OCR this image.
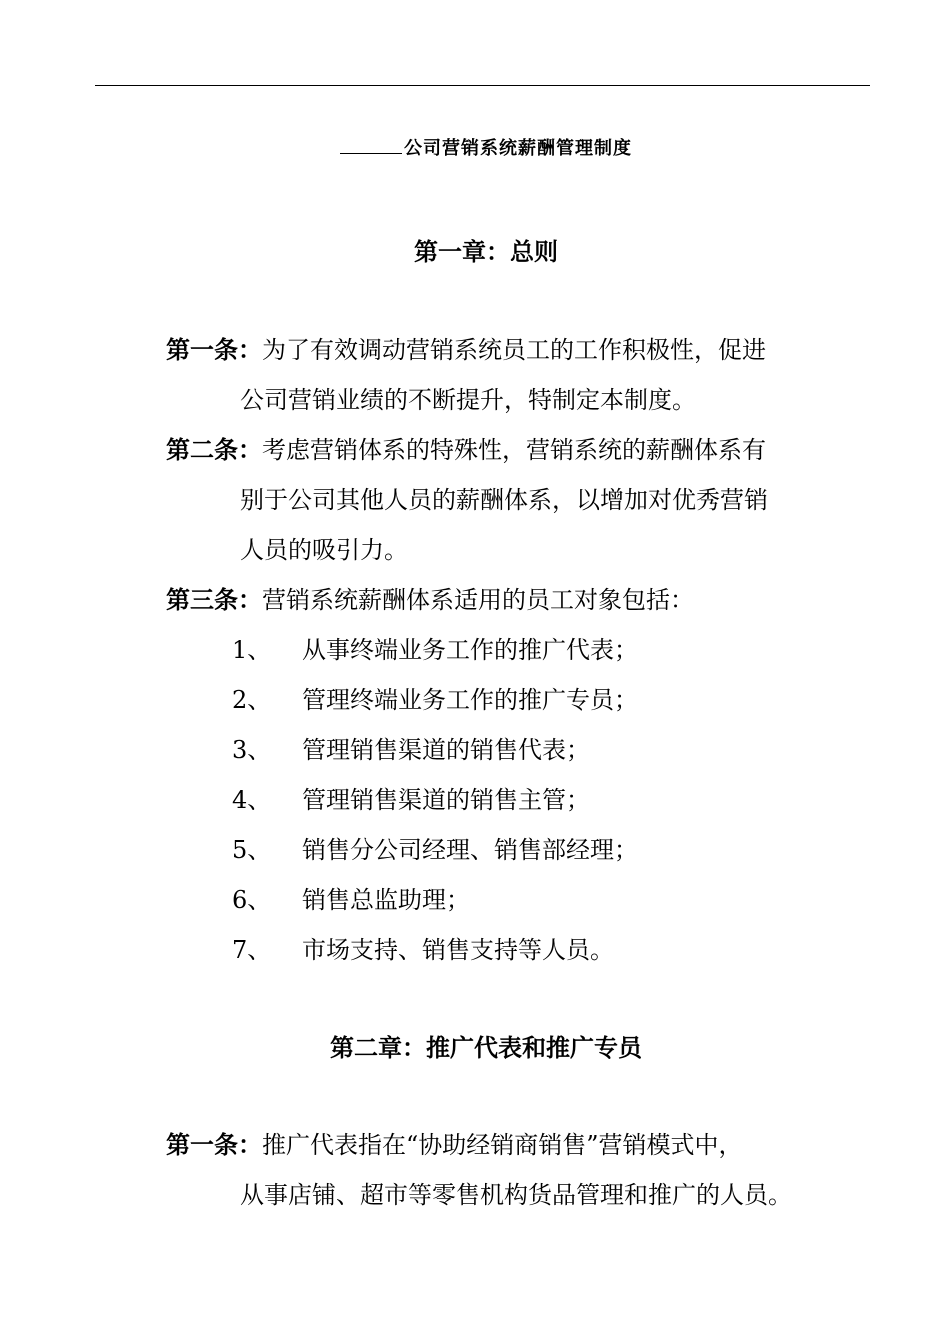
公司营销系统薪酬管理制度
第一章：总则
第一条：为了有效调动营销系统员工的工作积极性，促进
公司营销业绩的不断提升，特制定本制度。
第二条：考虑营销体系的特殊性，营销系统的薪酬体系有
别于公司其他人员的薪酬体系，以增加对优秀营销
人员的吸引力。
第三条：营销系统薪酬体系适用的员工对象包括：
1、 从事终端业务工作的推广代表；
2、 管理终端业务工作的推广专员；
3、 管理销售渠道的销售代表；
4、 管理销售渠道的销售主管；
5、 销售分公司经理、销售部经理；
6、 销售总监助理；
7、 市场支持、销售支持等人员。
第二章：推广代表和推广专员
第一条：推广代表指在“协助经销商销售”营销模式中，
从事店铺、超市等零售机构货品管理和推广的人员。
